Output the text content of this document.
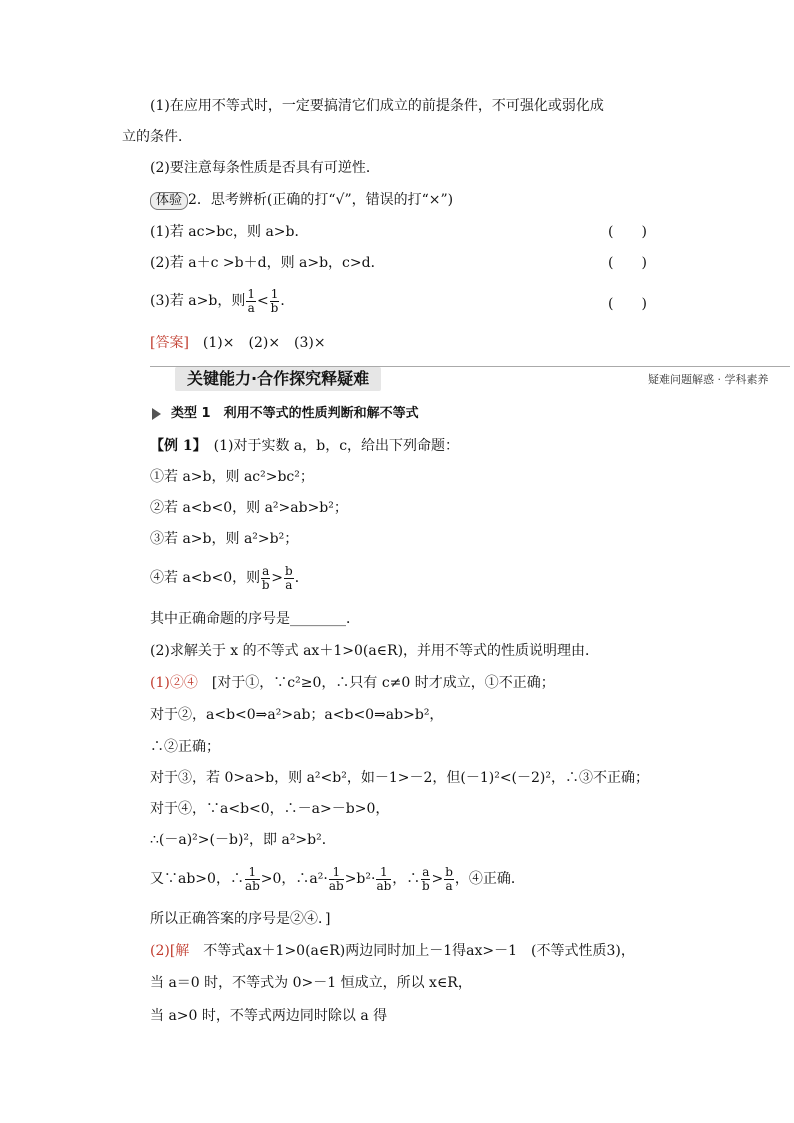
(1)在应用不等式时，一定要搞清它们成立的前提条件，不可强化或弱化成
立的条件．
(2)要注意每条性质是否具有可逆性．
体验 2．思考辨析(正确的打“√”，错误的打“×”)
(1)若 ac>bc，则 a>b．	(　　)
(2)若 a＋c >b＋d，则 a>b，c>d．	(　　)
(3)若 a>b，则 $\frac{1}{a} < \frac{1}{b}$ ．	(　　)
[答案]　(1)×　(2)×　(3)×
关键能力·合作探究释疑难	疑难问题解惑 · 学科素养
类型 1　利用不等式的性质判断和解不等式
【例 1】　(1)对于实数 a，b，c，给出下列命题：
①若 a>b，则 ac²>bc²；
②若 a<b<0，则 a²>ab>b²；
③若 a>b，则 a²>b²；
④若 a<b<0，则 $\frac{a}{b} > \frac{b}{a}$ ．
其中正确命题的序号是________．
(2)求解关于 x 的不等式 ax＋1>0(a∈R)，并用不等式的性质说明理由．
(1)②④　[对于①，∵c²≥0，∴只有 c≠0 时才成立，①不正确；
对于②，a<b<0⇒a²>ab；a<b<0⇒ab>b²，
∴②正确；
对于③，若 0>a>b，则 a²<b²，如－1>－2，但(－1)²<(－2)²，∴③不正确；
对于④，∵a<b<0，∴－a>－b>0，
∴(－a)²>(－b)²，即 a²>b²．
又∵ab>0，∴ $\frac{1}{ab} >0$，∴a²· $\frac{1}{ab} >b^2\cdot \frac{1}{ab}$ ，∴ $\frac{a}{b} > \frac{b}{a}$ ，④正确．
所以正确答案的序号是②④．]
(2)[解　不等式ax＋1>0(a∈R)两边同时加上－1得ax>－1　(不等式性质3)，
当 a＝0 时，不等式为 0>－1 恒成立，所以 x∈R，
当 a>0 时，不等式两边同时除以 a 得
